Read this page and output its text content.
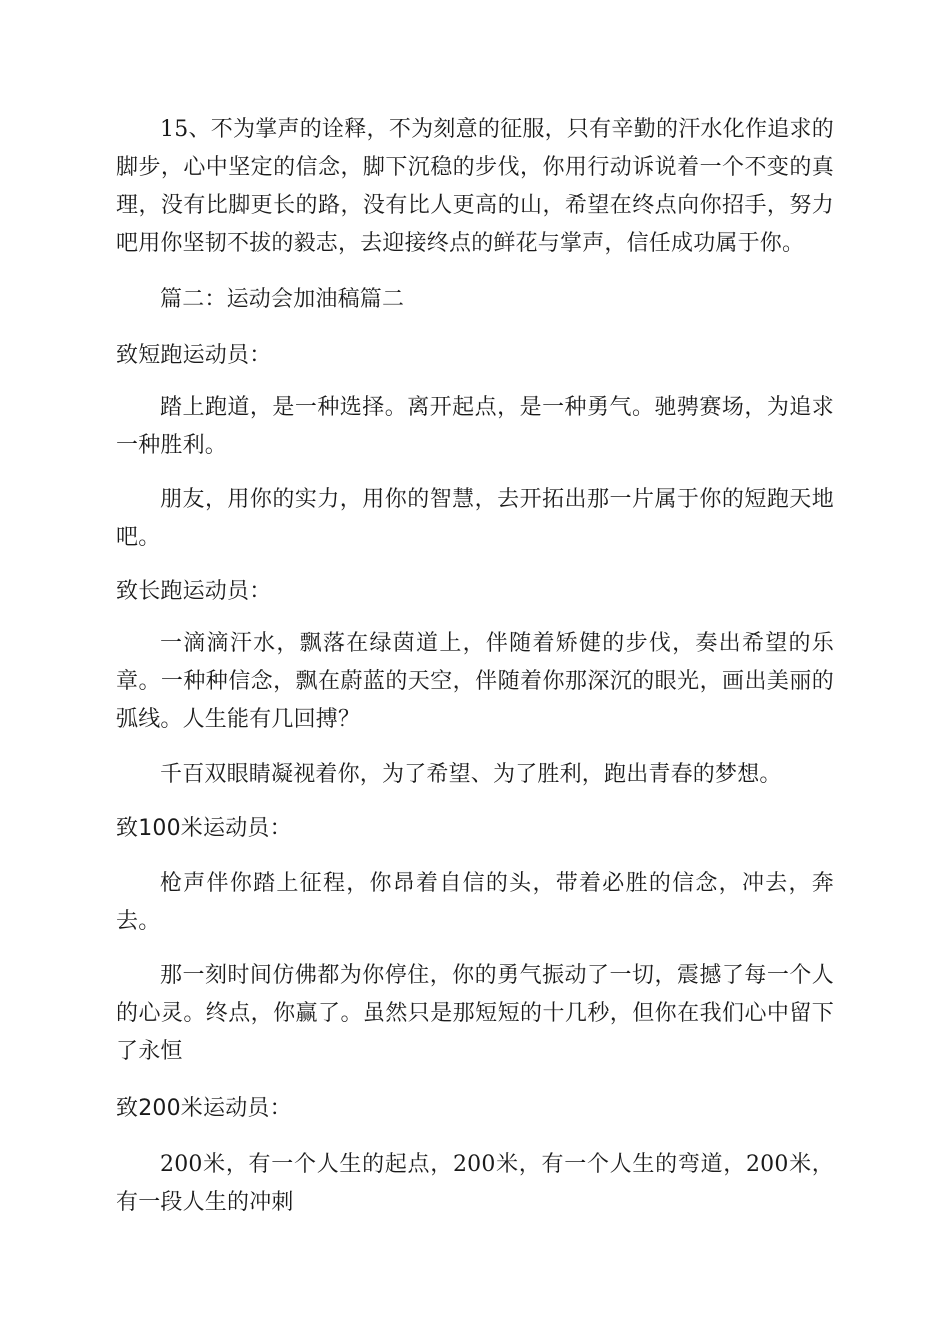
15、不为掌声的诠释，不为刻意的征服，只有辛勤的汗水化作追求的脚步，心中坚定的信念，脚下沉稳的步伐，你用行动诉说着一个不变的真理，没有比脚更长的路，没有比人更高的山，希望在终点向你招手，努力吧用你坚韧不拔的毅志，去迎接终点的鲜花与掌声，信任成功属于你。

篇二：运动会加油稿篇二

致短跑运动员：

踏上跑道，是一种选择。离开起点，是一种勇气。驰骋赛场，为追求一种胜利。

朋友，用你的实力，用你的智慧，去开拓出那一片属于你的短跑天地吧。

致长跑运动员：

一滴滴汗水，飘落在绿茵道上，伴随着矫健的步伐，奏出希望的乐章。一种种信念，飘在蔚蓝的天空，伴随着你那深沉的眼光，画出美丽的弧线。人生能有几回搏？

千百双眼睛凝视着你，为了希望、为了胜利，跑出青春的梦想。

致100米运动员：

枪声伴你踏上征程，你昂着自信的头，带着必胜的信念，冲去，奔去。

那一刻时间仿佛都为你停住，你的勇气振动了一切，震撼了每一个人的心灵。终点，你赢了。虽然只是那短短的十几秒，但你在我们心中留下了永恒

致200米运动员：

200米，有一个人生的起点，200米，有一个人生的弯道，200米，有一段人生的冲刺
